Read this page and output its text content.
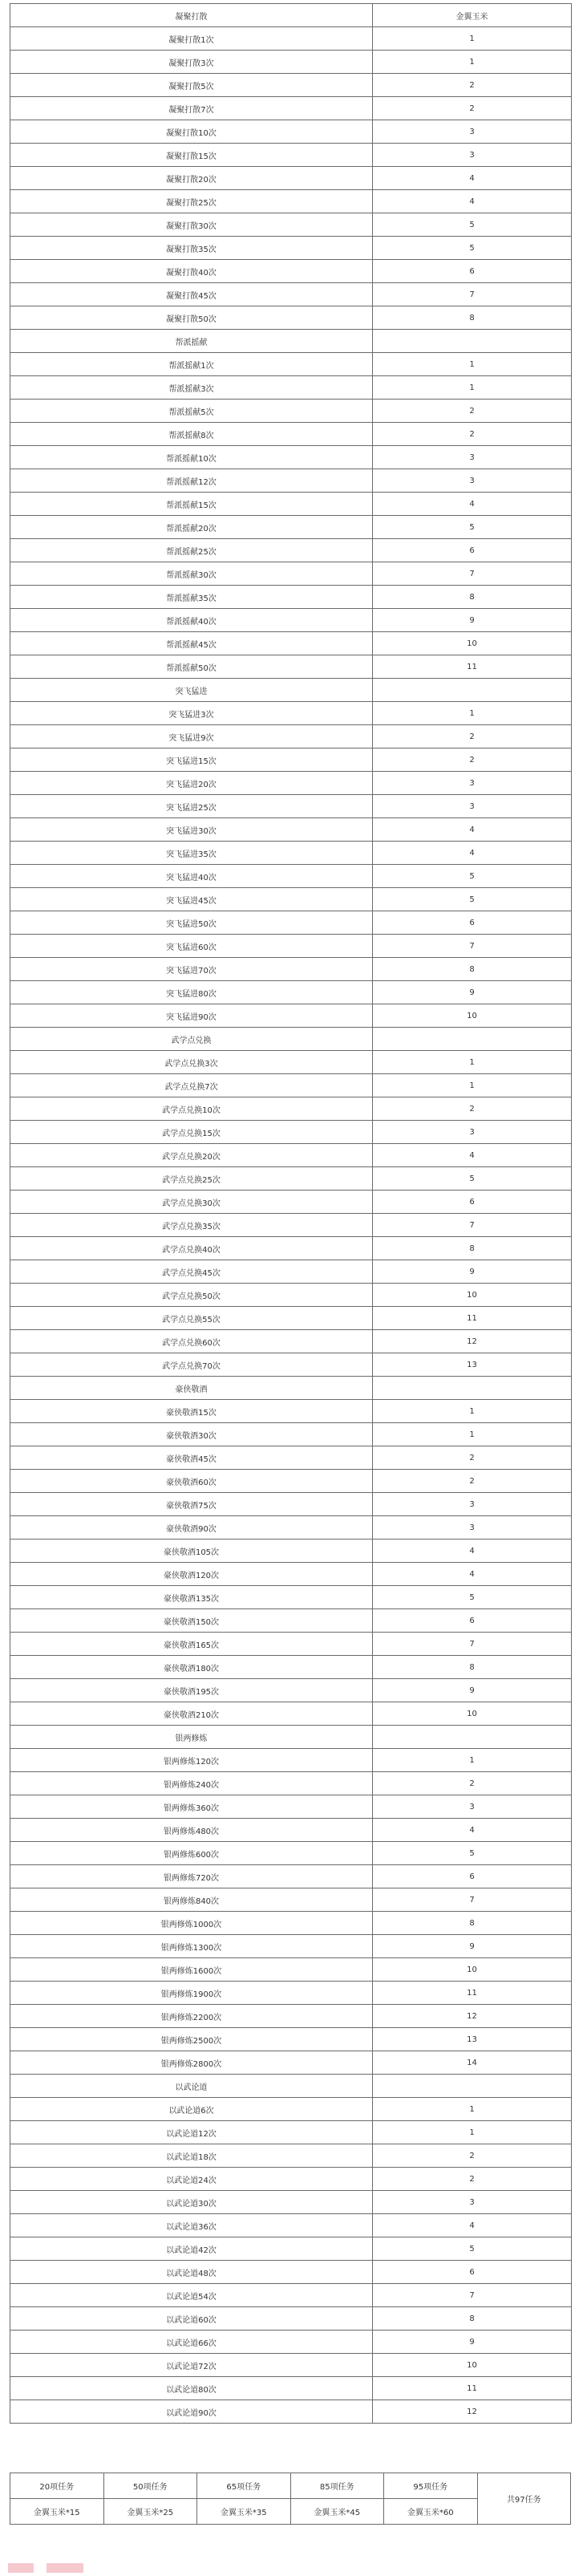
凝聚打散	金翼玉米
凝聚打散1次	1
凝聚打散3次	1
凝聚打散5次	2
凝聚打散7次	2
凝聚打散10次	3
凝聚打散15次	3
凝聚打散20次	4
凝聚打散25次	4
凝聚打散30次	5
凝聚打散35次	5
凝聚打散40次	6
凝聚打散45次	7
凝聚打散50次	8
帮派摇献	
帮派摇献1次	1
帮派摇献3次	1
帮派摇献5次	2
帮派摇献8次	2
帮派摇献10次	3
帮派摇献12次	3
帮派摇献15次	4
帮派摇献20次	5
帮派摇献25次	6
帮派摇献30次	7
帮派摇献35次	8
帮派摇献40次	9
帮派摇献45次	10
帮派摇献50次	11
突飞猛进	
突飞猛进3次	1
突飞猛进9次	2
突飞猛进15次	2
突飞猛进20次	3
突飞猛进25次	3
突飞猛进30次	4
突飞猛进35次	4
突飞猛进40次	5
突飞猛进45次	5
突飞猛进50次	6
突飞猛进60次	7
突飞猛进70次	8
突飞猛进80次	9
突飞猛进90次	10
武学点兑换	
武学点兑换3次	1
武学点兑换7次	1
武学点兑换10次	2
武学点兑换15次	3
武学点兑换20次	4
武学点兑换25次	5
武学点兑换30次	6
武学点兑换35次	7
武学点兑换40次	8
武学点兑换45次	9
武学点兑换50次	10
武学点兑换55次	11
武学点兑换60次	12
武学点兑换70次	13
豪侠敬酒	
豪侠敬酒15次	1
豪侠敬酒30次	1
豪侠敬酒45次	2
豪侠敬酒60次	2
豪侠敬酒75次	3
豪侠敬酒90次	3
豪侠敬酒105次	4
豪侠敬酒120次	4
豪侠敬酒135次	5
豪侠敬酒150次	6
豪侠敬酒165次	7
豪侠敬酒180次	8
豪侠敬酒195次	9
豪侠敬酒210次	10
银两修炼	
银两修炼120次	1
银两修炼240次	2
银两修炼360次	3
银两修炼480次	4
银两修炼600次	5
银两修炼720次	6
银两修炼840次	7
银两修炼1000次	8
银两修炼1300次	9
银两修炼1600次	10
银两修炼1900次	11
银两修炼2200次	12
银两修炼2500次	13
银两修炼2800次	14
以武论道	
以武论道6次	1
以武论道12次	1
以武论道18次	2
以武论道24次	2
以武论道30次	3
以武论道36次	4
以武论道42次	5
以武论道48次	6
以武论道54次	7
以武论道60次	8
以武论道66次	9
以武论道72次	10
以武论道80次	11
以武论道90次	12
20项任务	50项任务	65项任务	85项任务	95项任务	共97任务
金翼玉米*15	金翼玉米*25	金翼玉米*35	金翼玉米*45	金翼玉米*60	
